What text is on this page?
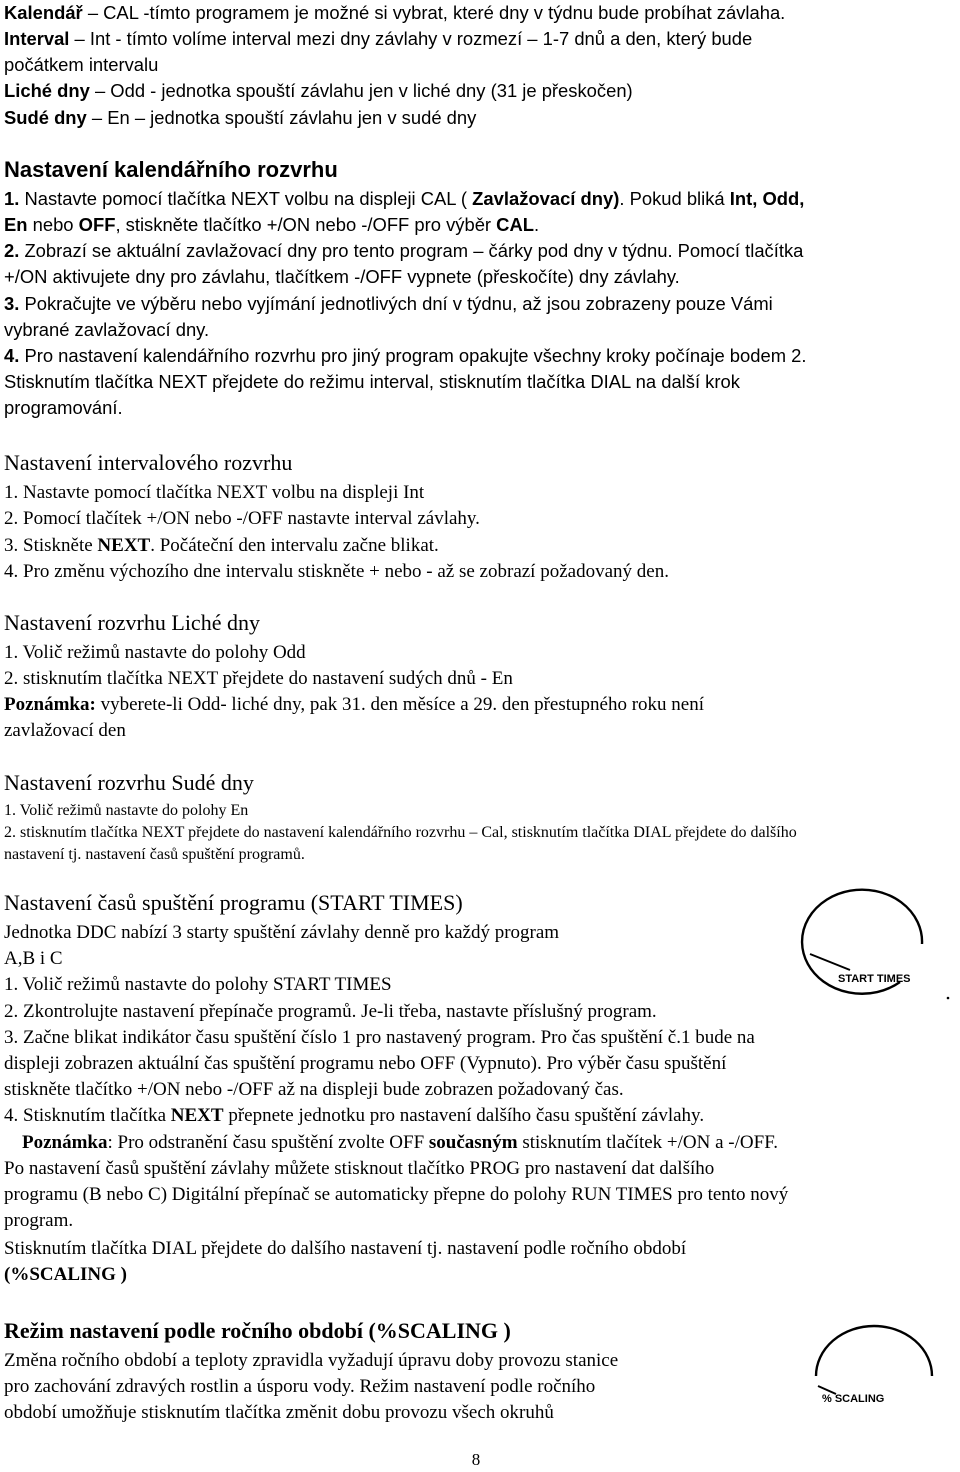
Kalendář – CAL -tímto programem je možné si vybrat, které dny v týdnu bude probíhat závlaha.
Interval – Int - tímto volíme interval mezi dny závlahy v rozmezí – 1-7 dnů a den, který bude
počátkem intervalu
Liché dny – Odd - jednotka spouští závlahu jen v liché dny (31 je přeskočen)
Sudé dny – En – jednotka spouští závlahu jen v sudé dny
Nastavení kalendářního rozvrhu
1. Nastavte pomocí tlačítka NEXT volbu na displeji CAL ( Zavlažovací dny). Pokud bliká Int, Odd,
En nebo OFF, stiskněte tlačítko +/ON nebo -/OFF pro výběr CAL.
2. Zobrazí se aktuální zavlažovací dny pro tento program – čárky pod dny v týdnu. Pomocí tlačítka
+/ON aktivujete dny pro závlahu, tlačítkem -/OFF vypnete (přeskočíte) dny závlahy.
3. Pokračujte ve výběru nebo vyjímání jednotlivých dní v týdnu, až jsou zobrazeny pouze Vámi
vybrané zavlažovací dny.
4. Pro nastavení kalendářního rozvrhu pro jiný program opakujte všechny kroky počínaje bodem 2.
Stisknutím tlačítka NEXT přejdete do režimu interval, stisknutím tlačítka DIAL na další krok
programování.
Nastavení intervalového rozvrhu
1. Nastavte pomocí tlačítka NEXT volbu na displeji Int
2. Pomocí tlačítek +/ON nebo -/OFF nastavte interval závlahy.
3. Stiskněte NEXT. Počáteční den intervalu začne blikat.
4. Pro změnu výchozího dne intervalu stiskněte + nebo - až se zobrazí požadovaný den.
Nastavení rozvrhu Liché dny
1. Volič režimů nastavte do polohy Odd
2. stisknutím tlačítka NEXT přejdete do nastavení sudých dnů - En
Poznámka: vyberete-li Odd- liché dny, pak 31. den měsíce a 29. den přestupného roku není
zavlažovací den
Nastavení rozvrhu Sudé dny
1. Volič režimů nastavte do polohy En
2. stisknutím tlačítka NEXT přejdete do nastavení kalendářního rozvrhu – Cal, stisknutím tlačítka DIAL přejdete do dalšího
nastavení tj. nastavení časů spuštění programů.
Nastavení časů spuštění programu (START TIMES)
Jednotka DDC nabízí 3 starty spuštění závlahy denně pro každý program
A,B i C
1. Volič režimů nastavte do polohy START TIMES
2. Zkontrolujte nastavení přepínače programů. Je-li třeba, nastavte příslušný program.
3. Začne blikat indikátor času spuštění číslo 1 pro nastavený program. Pro čas spuštění č.1 bude na
displeji zobrazen aktuální čas spuštění programu nebo OFF (Vypnuto). Pro výběr času spuštění
stiskněte tlačítko +/ON nebo -/OFF až na displeji bude zobrazen požadovaný čas.
4. Stisknutím tlačítka NEXT přepnete jednotku pro nastavení dalšího času spuštění závlahy.
Poznámka: Pro odstranění času spuštění zvolte OFF současným stisknutím tlačítek +/ON a -/OFF.
Po nastavení časů spuštění závlahy můžete stisknout tlačítko PROG pro nastavení dat dalšího
programu (B nebo C) Digitální přepínač se automaticky přepne do polohy RUN TIMES pro tento nový
program.
Stisknutím tlačítka DIAL přejdete do dalšího nastavení tj. nastavení podle ročního období
(%SCALING )
START TIMES
Režim nastavení podle ročního období (%SCALING )
Změna ročního období a teploty zpravidla vyžadují úpravu doby provozu stanice
pro zachování zdravých rostlin a úsporu vody. Režim nastavení podle ročního
období umožňuje stisknutím tlačítka změnit dobu provozu všech okruhů
% SCALING
8
